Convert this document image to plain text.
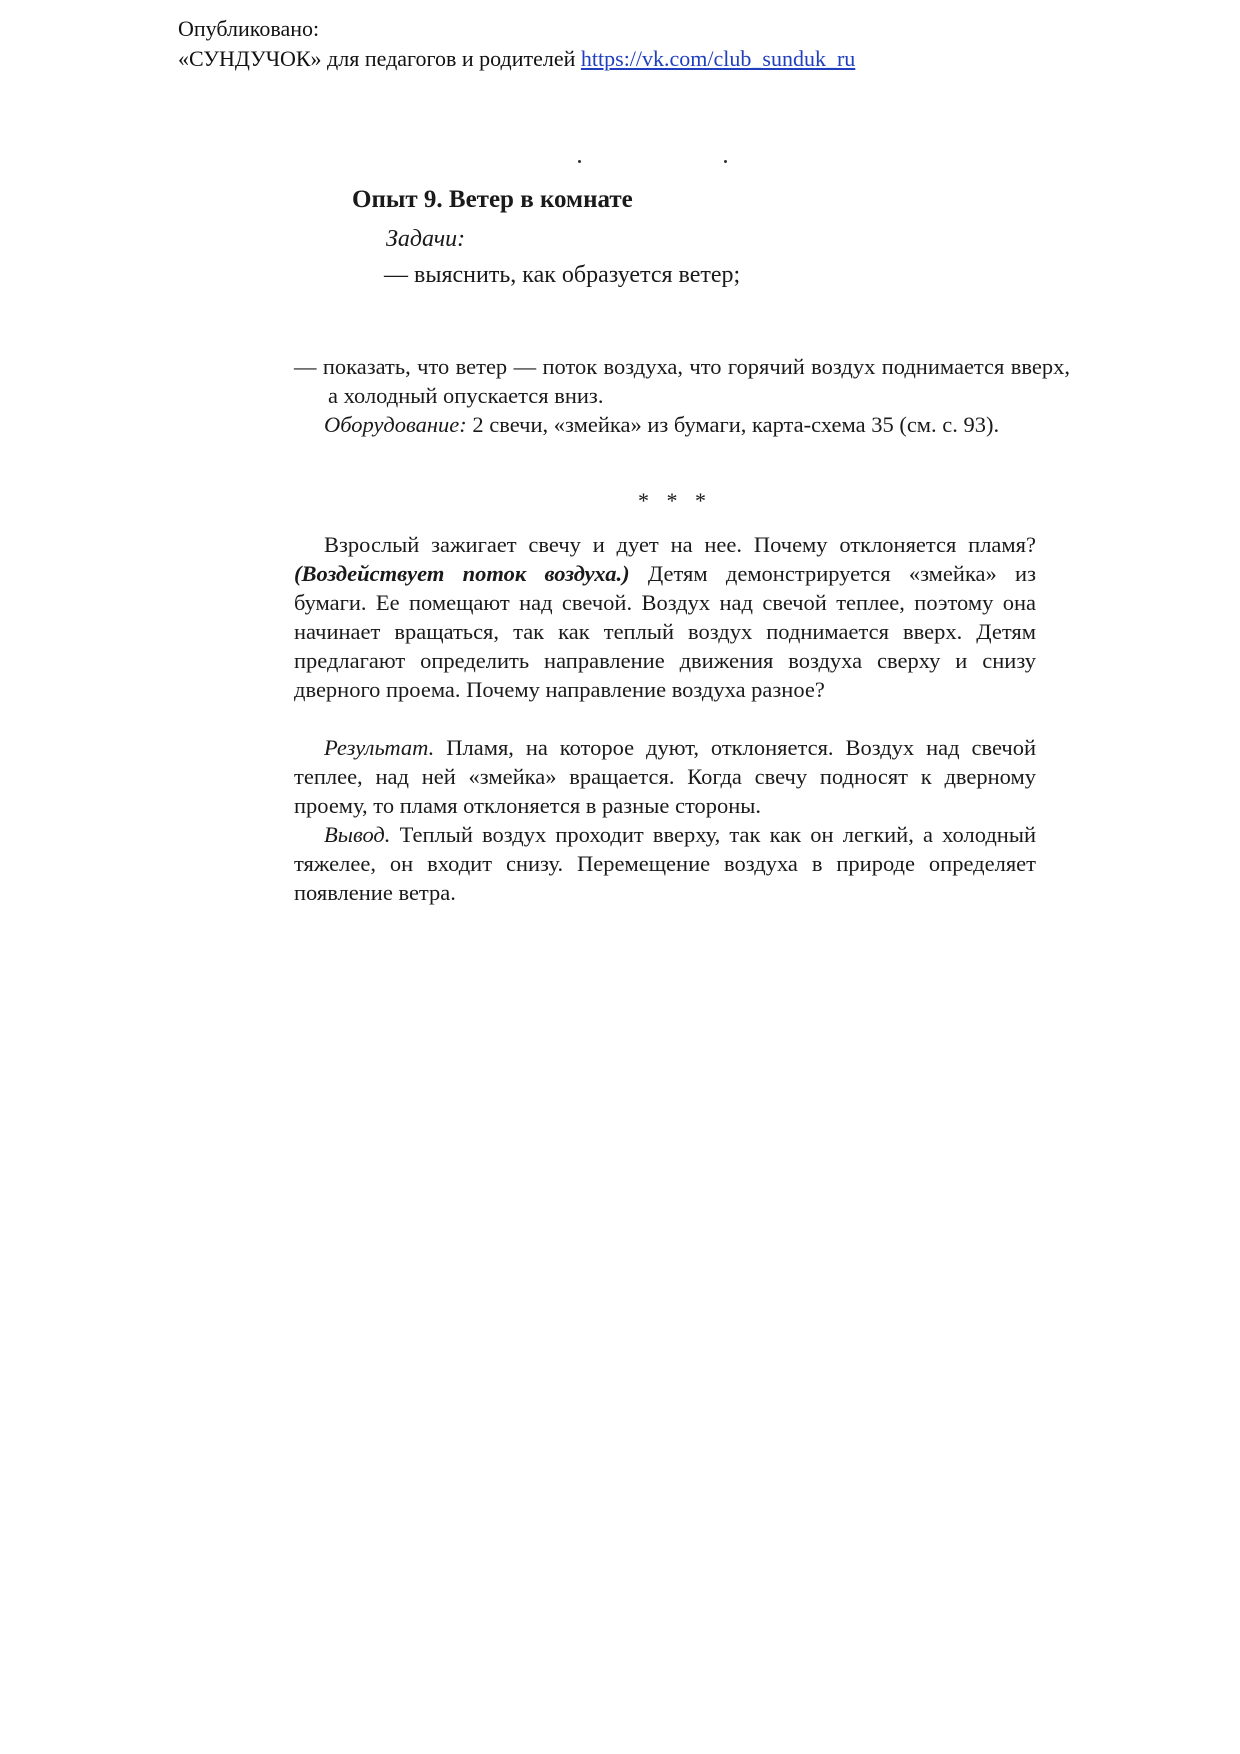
Опубликовано:
«СУНДУЧОК» для педагогов и родителей https://vk.com/club_sunduk_ru
Опыт 9. Ветер в комнате
Задачи:
— выяснить, как образуется ветер;
— показать, что ветер — поток воздуха, что горячий воздух поднимается вверх, а холодный опускается вниз.
Оборудование: 2 свечи, «змейка» из бумаги, карта-схема 35 (см. с. 93).
* * *
Взрослый зажигает свечу и дует на нее. Почему отклоняется пламя? (Воздействует поток воздуха.) Детям демонстрируется «змейка» из бумаги. Ее помещают над свечой. Воздух над свечой теплее, поэтому она начинает вращаться, так как теплый воздух поднимается вверх. Детям предлагают определить направление движения воздуха сверху и снизу дверного проема. Почему направление воздуха разное?
Результат. Пламя, на которое дуют, отклоняется. Воздух над свечой теплее, над ней «змейка» вращается. Когда свечу подносят к дверному проему, то пламя отклоняется в разные стороны.
Вывод. Теплый воздух проходит вверху, так как он легкий, а холодный тяжелее, он входит снизу. Перемещение воздуха в природе определяет появление ветра.
